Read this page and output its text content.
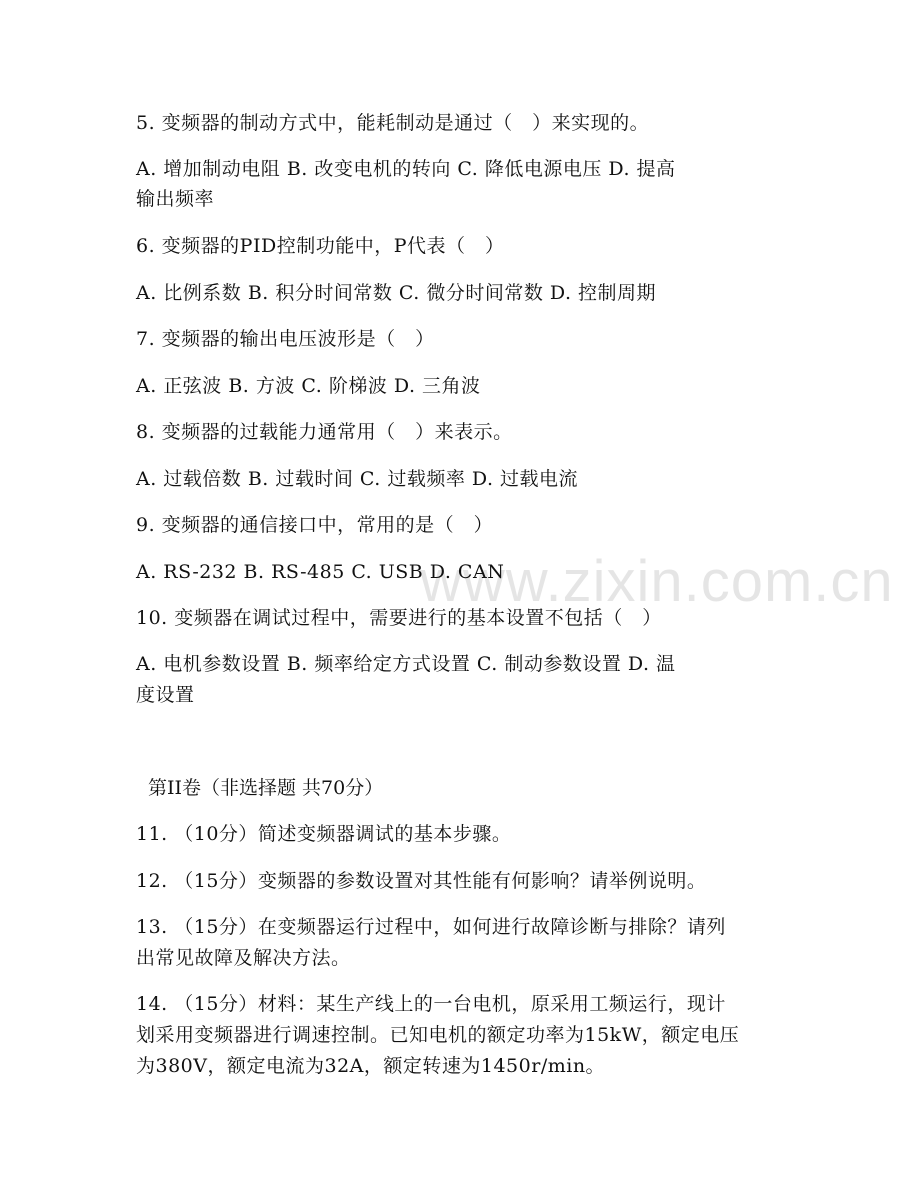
www.zixin.com.cn
5. 变频器的制动方式中，能耗制动是通过（　）来实现的。
A. 增加制动电阻 B. 改变电机的转向 C. 降低电源电压 D. 提高
输出频率
6. 变频器的PID控制功能中，P代表（　）
A. 比例系数 B. 积分时间常数 C. 微分时间常数 D. 控制周期
7. 变频器的输出电压波形是（　）
A. 正弦波 B. 方波 C. 阶梯波 D. 三角波
8. 变频器的过载能力通常用（　）来表示。
A. 过载倍数 B. 过载时间 C. 过载频率 D. 过载电流
9. 变频器的通信接口中，常用的是（　）
A. RS-232 B. RS-485 C. USB D. CAN
10. 变频器在调试过程中，需要进行的基本设置不包括（　）
A. 电机参数设置 B. 频率给定方式设置 C. 制动参数设置 D. 温
度设置
第II卷（非选择题 共70分）
11. （10分）简述变频器调试的基本步骤。
12. （15分）变频器的参数设置对其性能有何影响？请举例说明。
13. （15分）在变频器运行过程中，如何进行故障诊断与排除？请列
出常见故障及解决方法。
14. （15分）材料：某生产线上的一台电机，原采用工频运行，现计
划采用变频器进行调速控制。已知电机的额定功率为15kW，额定电压
为380V，额定电流为32A，额定转速为1450r/min。
